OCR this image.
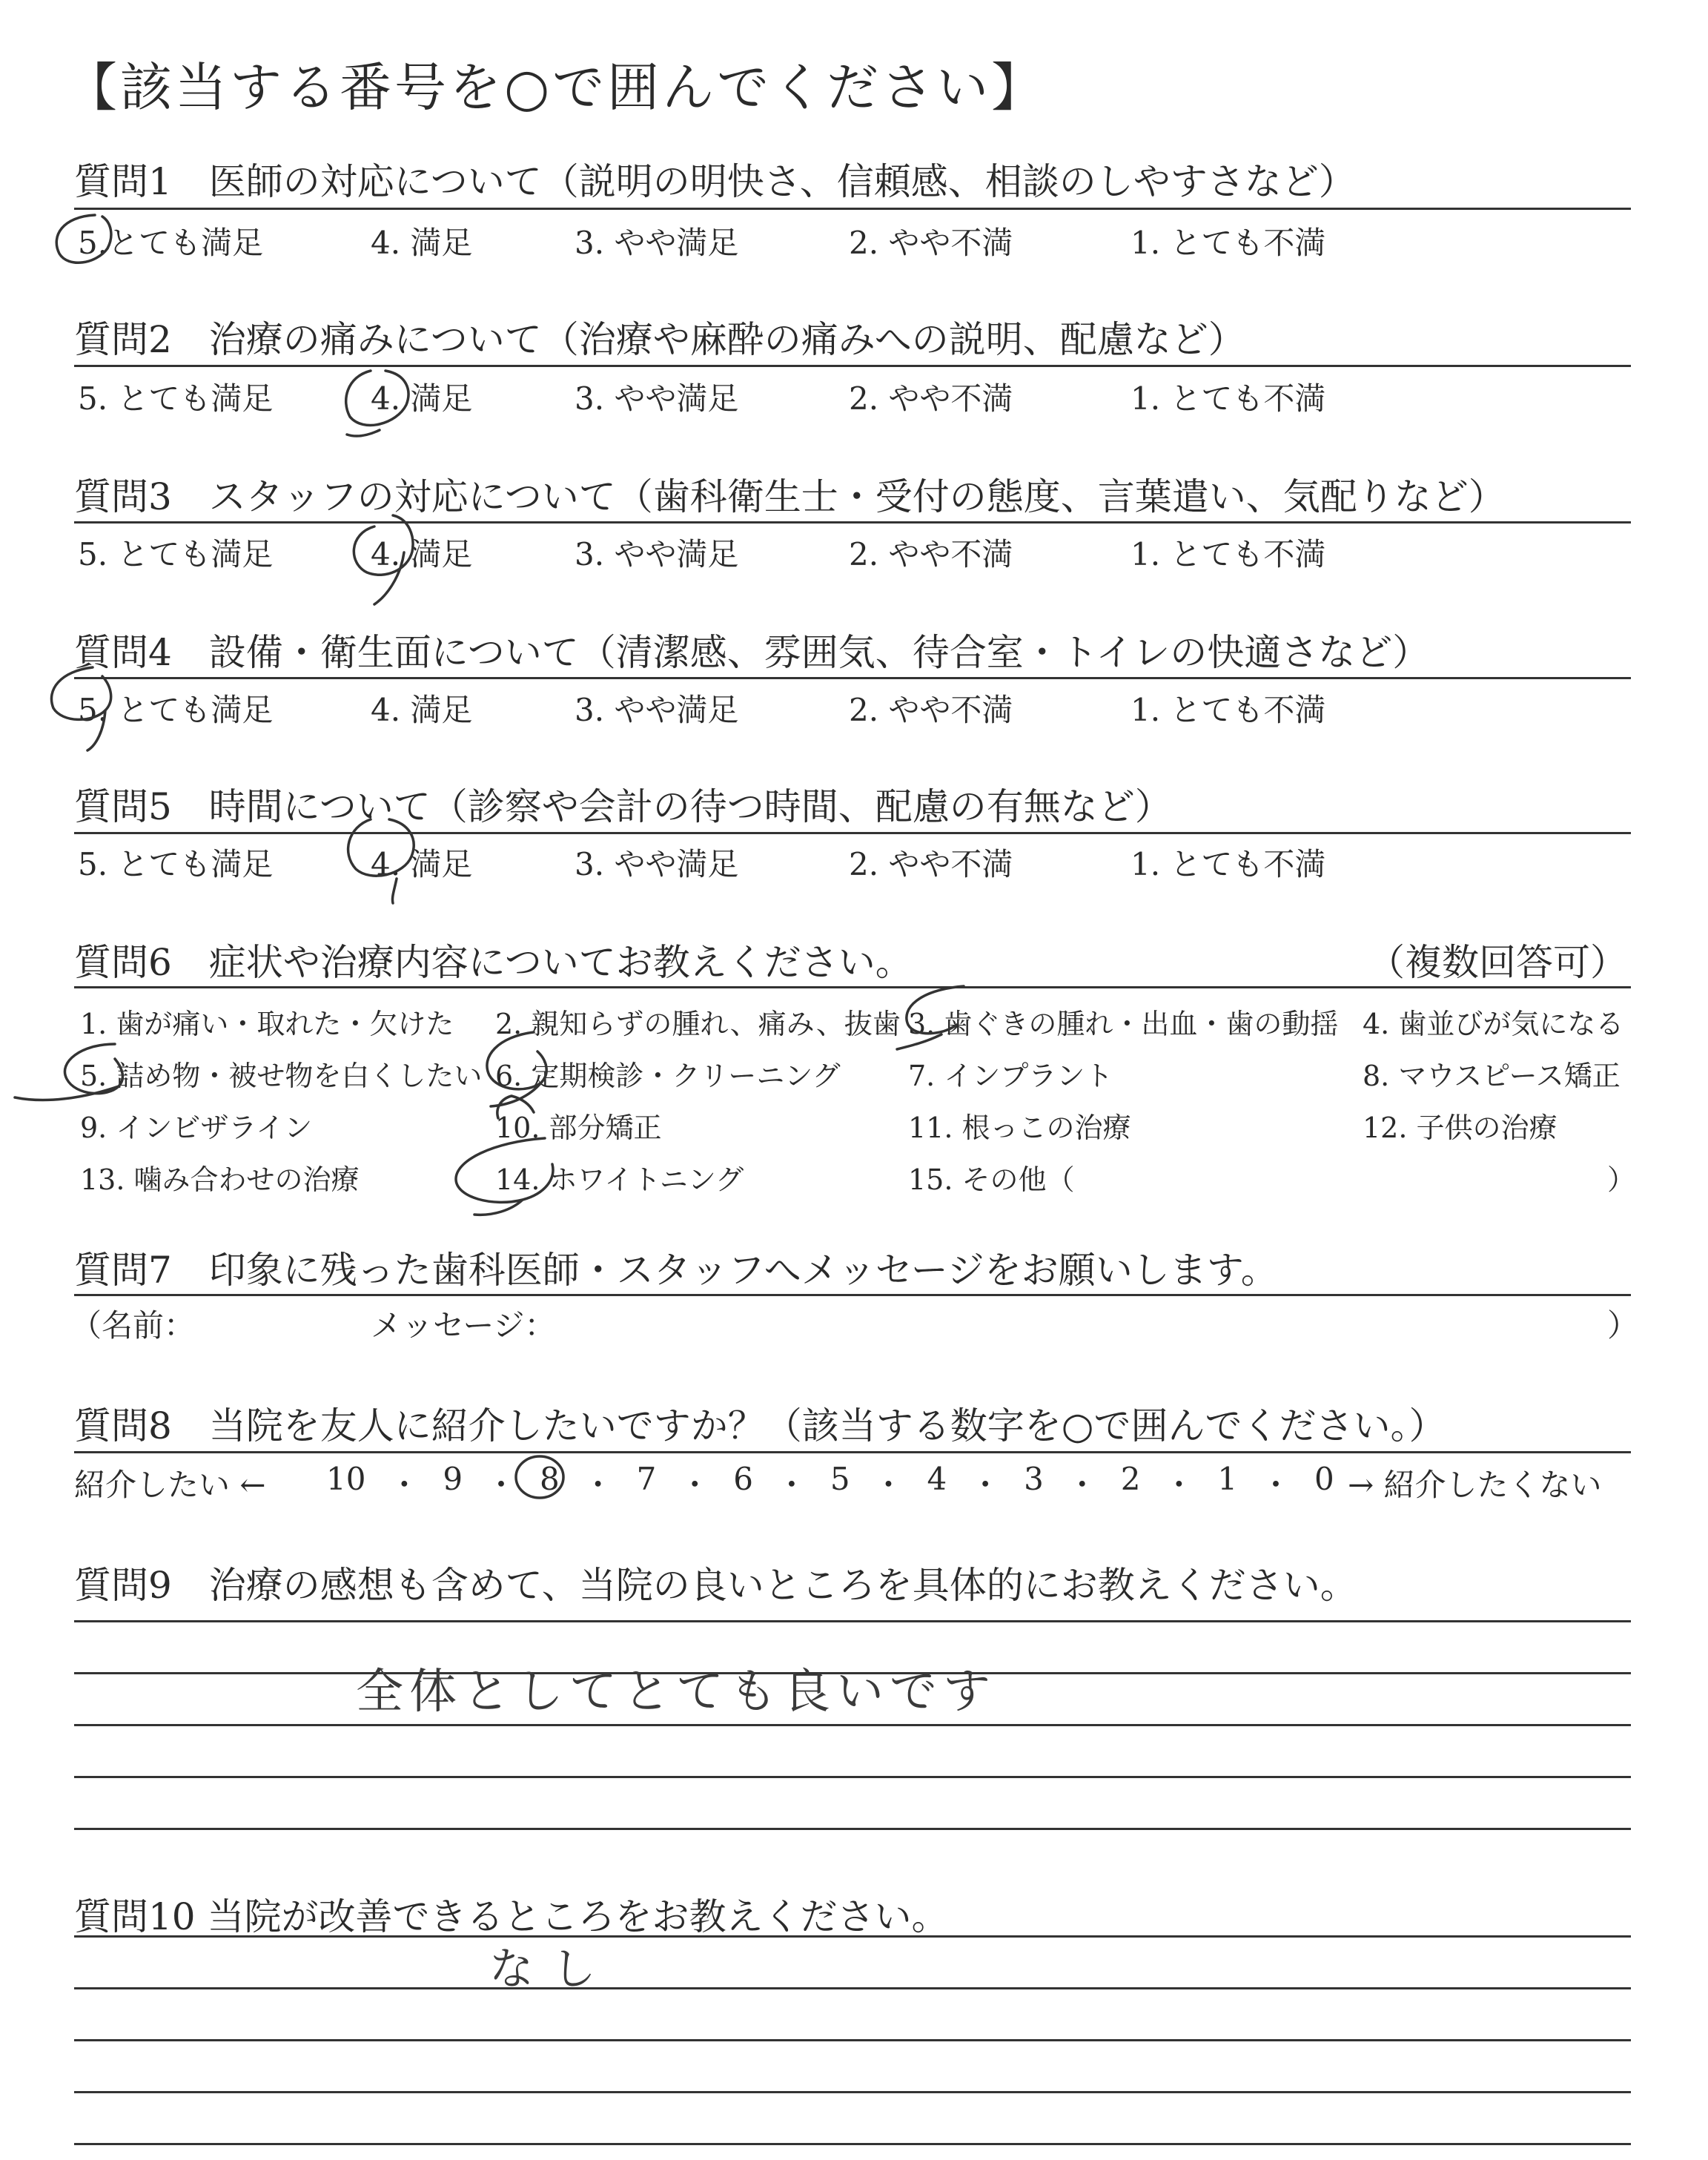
【該当する番号を○で囲んでください】
質問1　医師の対応について（説明の明快さ、信頼感、相談のしやすさなど）
5.とても満足	4. 満足	3. やや満足	2. やや不満	1. とても不満
質問2　治療の痛みについて（治療や麻酔の痛みへの説明、配慮など）
5. とても満足	4. 満足	3. やや満足	2. やや不満	1. とても不満
質問3　スタッフの対応について（歯科衛生士・受付の態度、言葉遣い、気配りなど）
5. とても満足	4. 満足	3. やや満足	2. やや不満	1. とても不満
質問4　設備・衛生面について（清潔感、雰囲気、待合室・トイレの快適さなど）
5. とても満足	4. 満足	3. やや満足	2. やや不満	1. とても不満
質問5　時間について（診察や会計の待つ時間、配慮の有無など）
5. とても満足	4. 満足	3. やや満足	2. やや不満	1. とても不満
質問6　症状や治療内容についてお教えください。	（複数回答可）
1. 歯が痛い・取れた・欠けた 2. 親知らずの腫れ、痛み、抜歯 3. 歯ぐきの腫れ・出血・歯の動揺 4. 歯並びが気になる
5. 詰め物・被せ物を白くしたい 6. 定期検診・クリーニング 7. インプラント	8. マウスピース矯正
9. インビザライン	10. 部分矯正	11. 根っこの治療	12. 子供の治療
13. 噛み合わせの治療	14. ホワイトニング	15. その他（	）
質問7　印象に残った歯科医師・スタッフへメッセージをお願いします。
（名前：	メッセージ：	）
質問8　当院を友人に紹介したいですか？（該当する数字を○で囲んでください。）
紹介したい ← 10 ・ 9 ・ 8 ・ 7 ・ 6 ・ 5 ・ 4 ・ 3 ・ 2 ・ 1 ・ 0 → 紹介したくない
質問9　治療の感想も含めて、当院の良いところを具体的にお教えください。
全体としてとても良いです
質問10 当院が改善できるところをお教えください。
なし
